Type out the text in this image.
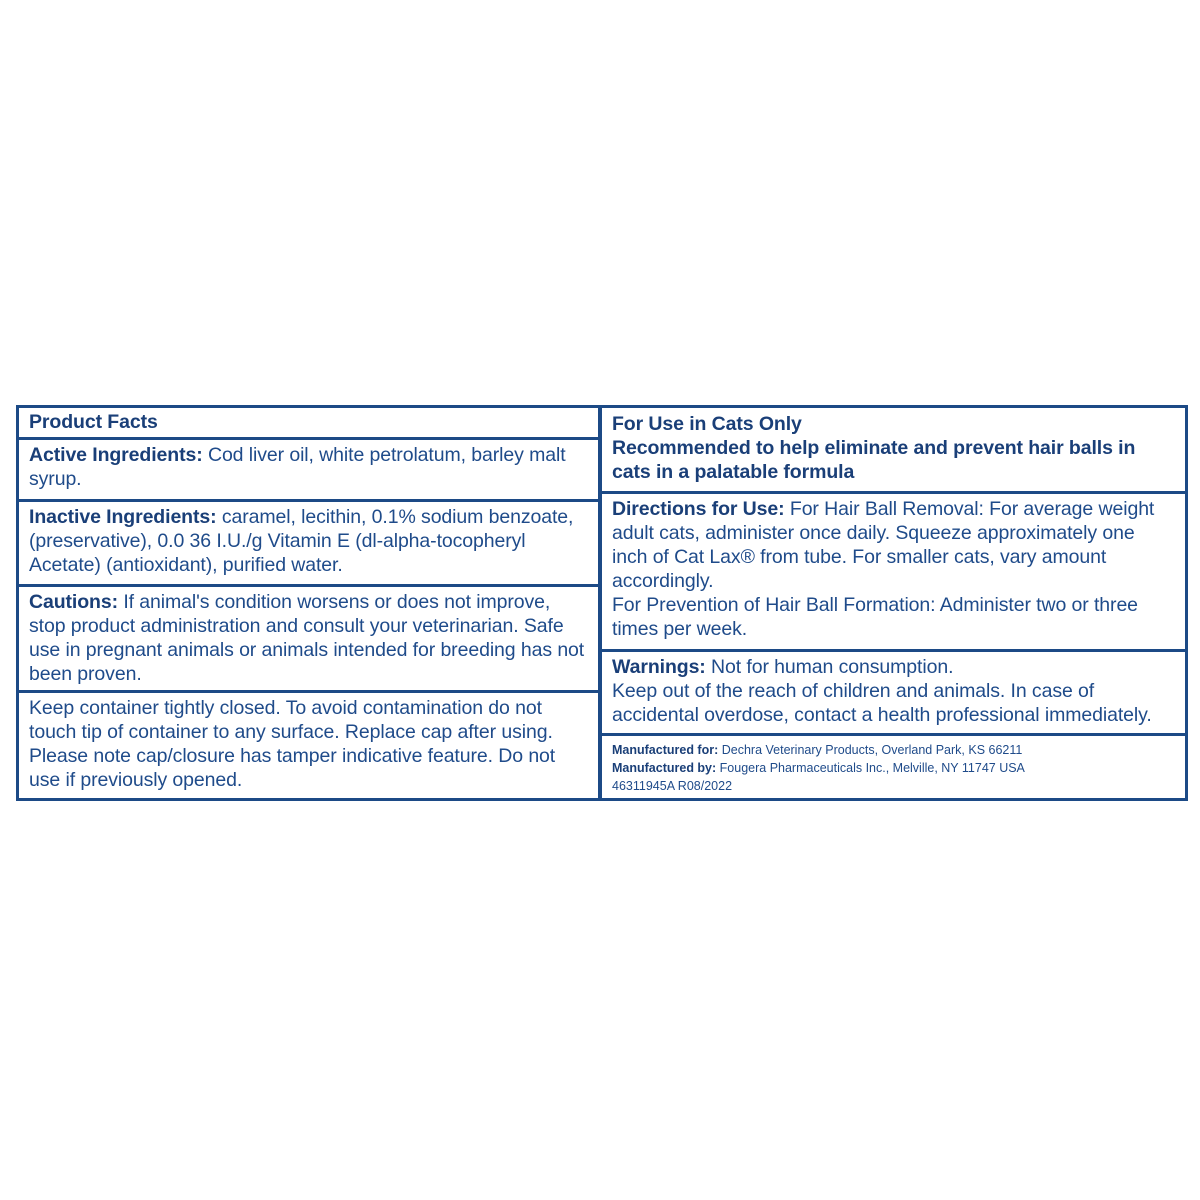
Product Facts
Active Ingredients: Cod liver oil, white petrolatum, barley malt syrup.
Inactive Ingredients: caramel, lecithin, 0.1% sodium benzoate, (preservative), 0.0 36 I.U./g Vitamin E (dl-alpha-tocopheryl Acetate) (antioxidant), purified water.
Cautions: If animal's condition worsens or does not improve, stop product administration and consult your veterinarian. Safe use in pregnant animals or animals intended for breeding has not been proven.
Keep container tightly closed. To avoid contamination do not touch tip of container to any surface. Replace cap after using. Please note cap/closure has tamper indicative feature. Do not use if previously opened.
For Use in Cats Only
Recommended to help eliminate and prevent hair balls in cats in a palatable formula
Directions for Use: For Hair Ball Removal: For average weight adult cats, administer once daily. Squeeze approximately one inch of Cat Lax® from tube. For smaller cats, vary amount accordingly.
For Prevention of Hair Ball Formation: Administer two or three times per week.
Warnings: Not for human consumption.
Keep out of the reach of children and animals. In case of accidental overdose, contact a health professional immediately.
Manufactured for: Dechra Veterinary Products, Overland Park, KS 66211
Manufactured by: Fougera Pharmaceuticals Inc., Melville, NY 11747 USA
46311945A R08/2022
